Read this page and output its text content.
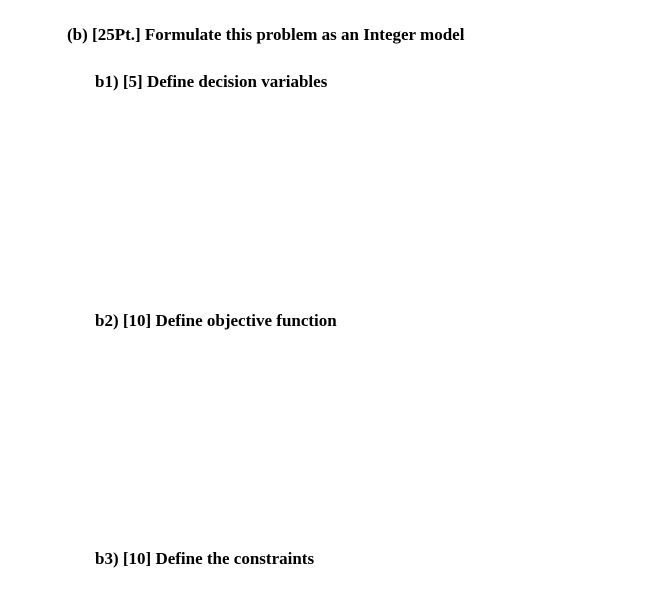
(b) [25Pt.] Formulate this problem as an Integer model
b1) [5] Define decision variables
b2) [10] Define objective function
b3) [10] Define the constraints
